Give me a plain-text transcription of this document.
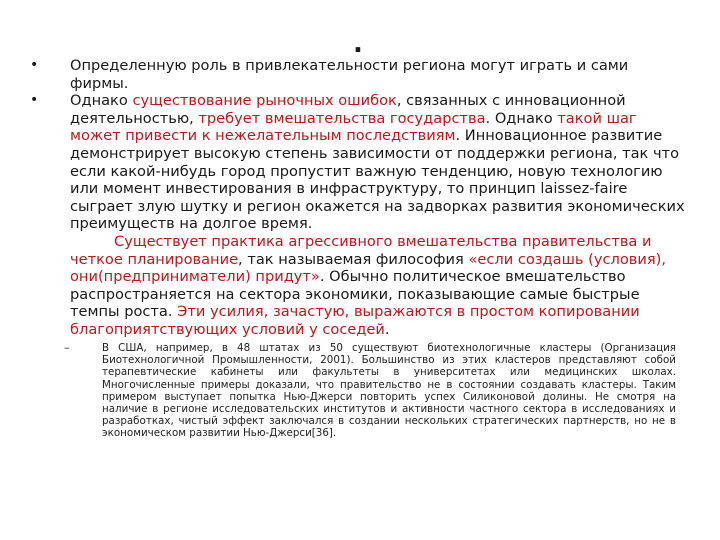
.
• Определенную роль в привлекательности региона могут играть и сами фирмы.
• Однако существование рыночных ошибок, связанных с инновационной деятельностью, требует вмешательства государства. Однако такой шаг может привести к нежелательным последствиям. Инновационное развитие демонстрирует высокую степень зависимости от поддержки региона, так что если какой-нибудь город пропустит важную тенденцию, новую технологию или момент инвестирования в инфраструктуру, то принцип laissez-faire сыграет злую шутку и регион окажется на задворках развития экономических преимуществ на долгое время.
Существует практика агрессивного вмешательства правительства и четкое планирование, так называемая философия «если создашь (условия), они(предприниматели) придут». Обычно политическое вмешательство распространяется на сектора экономики, показывающие самые быстрые темпы роста. Эти усилия, зачастую, выражаются в простом копировании благоприятствующих условий у соседей.
–	В США, например, в 48 штатах из 50 существуют биотехнологичные кластеры (Организация Биотехнологичной Промышленности, 2001). Большинство из этих кластеров представляют собой терапевтические кабинеты или факультеты в университетах или медицинских школах. Многочисленные примеры доказали, что правительство не в состоянии создавать кластеры. Таким примером выступает попытка Нью-Джерси повторить успех Силиконовой долины. Не смотря на наличие в регионе исследовательских институтов и активности частного сектора в исследованиях и разработках, чистый эффект заключался в создании нескольких стратегических партнерств, но не в экономическом развитии Нью-Джерси[36].
